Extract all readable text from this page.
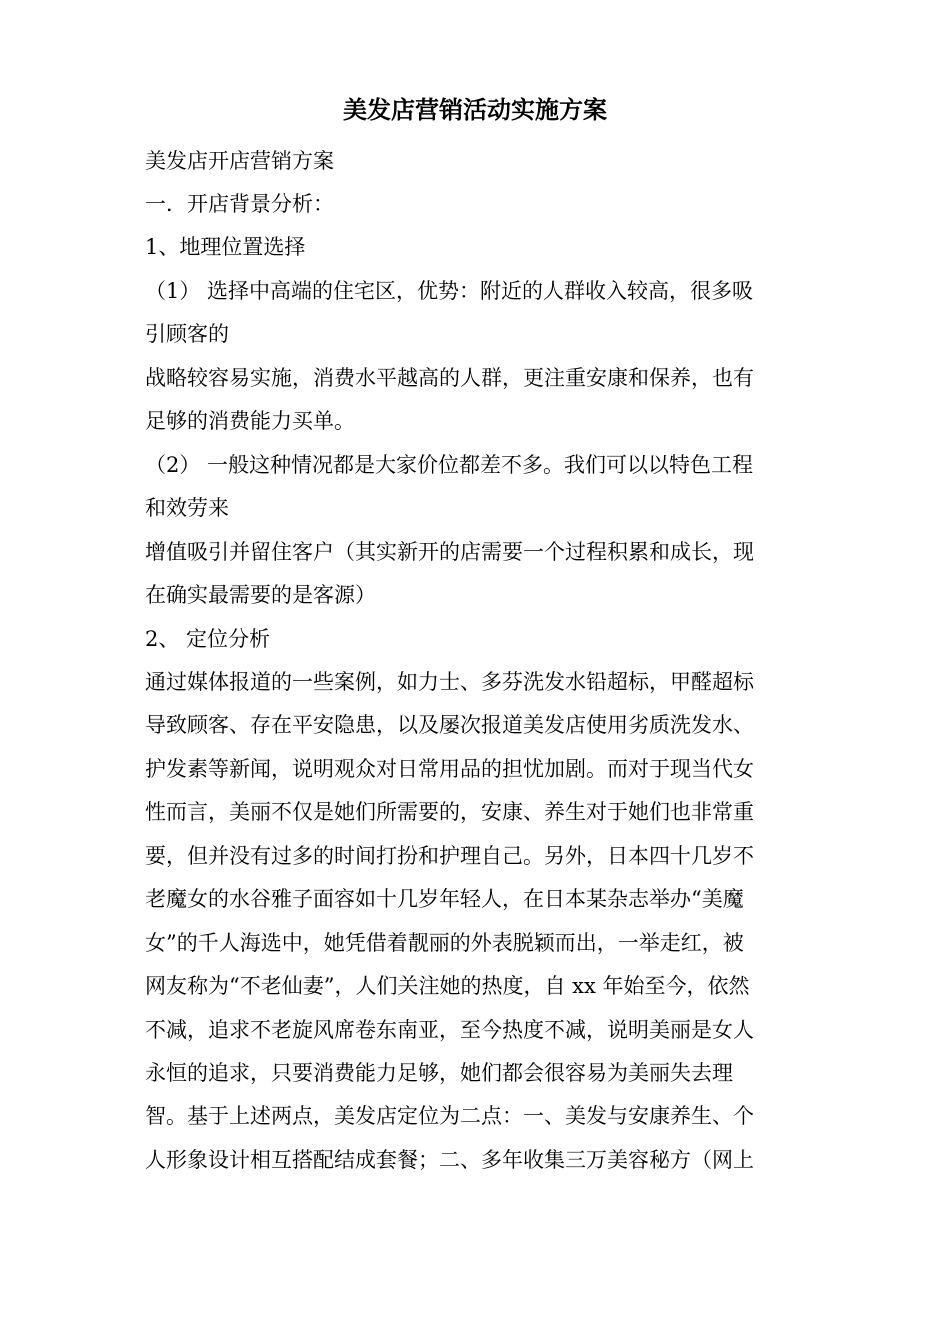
美发店营销活动实施方案

美发店开店营销方案

一．开店背景分析：

1、地理位置选择

（1） 选择中高端的住宅区，优势：附近的人群收入较高，很多吸

引顾客的

战略较容易实施，消费水平越高的人群，更注重安康和保养，也有

足够的消费能力买单。

（2） 一般这种情况都是大家价位都差不多。我们可以以特色工程

和效劳来

增值吸引并留住客户（其实新开的店需要一个过程积累和成长，现

在确实最需要的是客源）

2、 定位分析

通过媒体报道的一些案例，如力士、多芬洗发水铅超标，甲醛超标

导致顾客、存在平安隐患，以及屡次报道美发店使用劣质洗发水、

护发素等新闻，说明观众对日常用品的担忧加剧。而对于现当代女

性而言，美丽不仅是她们所需要的，安康、养生对于她们也非常重

要，但并没有过多的时间打扮和护理自己。另外，日本四十几岁不

老魔女的水谷雅子面容如十几岁年轻人，在日本某杂志举办“美魔

女”的千人海选中，她凭借着靓丽的外表脱颖而出，一举走红，被

网友称为“不老仙妻”，人们关注她的热度，自 xx 年始至今，依然

不减，追求不老旋风席卷东南亚，至今热度不减，说明美丽是女人

永恒的追求，只要消费能力足够，她们都会很容易为美丽失去理

智。基于上述两点，美发店定位为二点：一、美发与安康养生、个

人形象设计相互搭配结成套餐；二、多年收集三万美容秘方（网上
